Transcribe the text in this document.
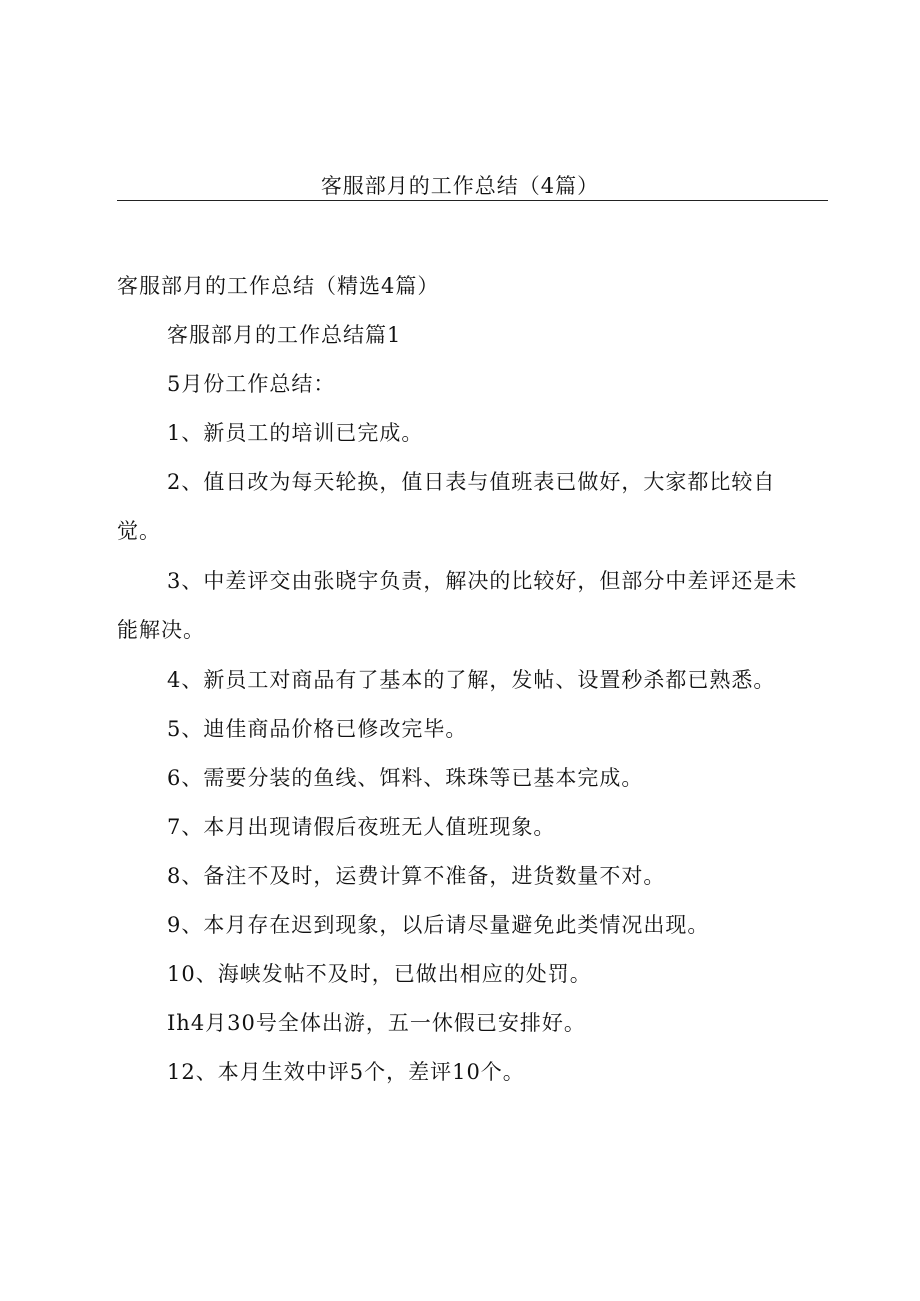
客服部月的工作总结（4篇）

客服部月的工作总结（精选4篇）

客服部月的工作总结篇1

5月份工作总结：

1、新员工的培训已完成。

2、值日改为每天轮换，值日表与值班表已做好，大家都比较自觉。

3、中差评交由张晓宇负责，解决的比较好，但部分中差评还是未能解决。

4、新员工对商品有了基本的了解，发帖、设置秒杀都已熟悉。

5、迪佳商品价格已修改完毕。

6、需要分装的鱼线、饵料、珠珠等已基本完成。

7、本月出现请假后夜班无人值班现象。

8、备注不及时，运费计算不准备，进货数量不对。

9、本月存在迟到现象，以后请尽量避免此类情况出现。

10、海峡发帖不及时，已做出相应的处罚。

Ih4月30号全体出游，五一休假已安排好。

12、本月生效中评5个，差评10个。
